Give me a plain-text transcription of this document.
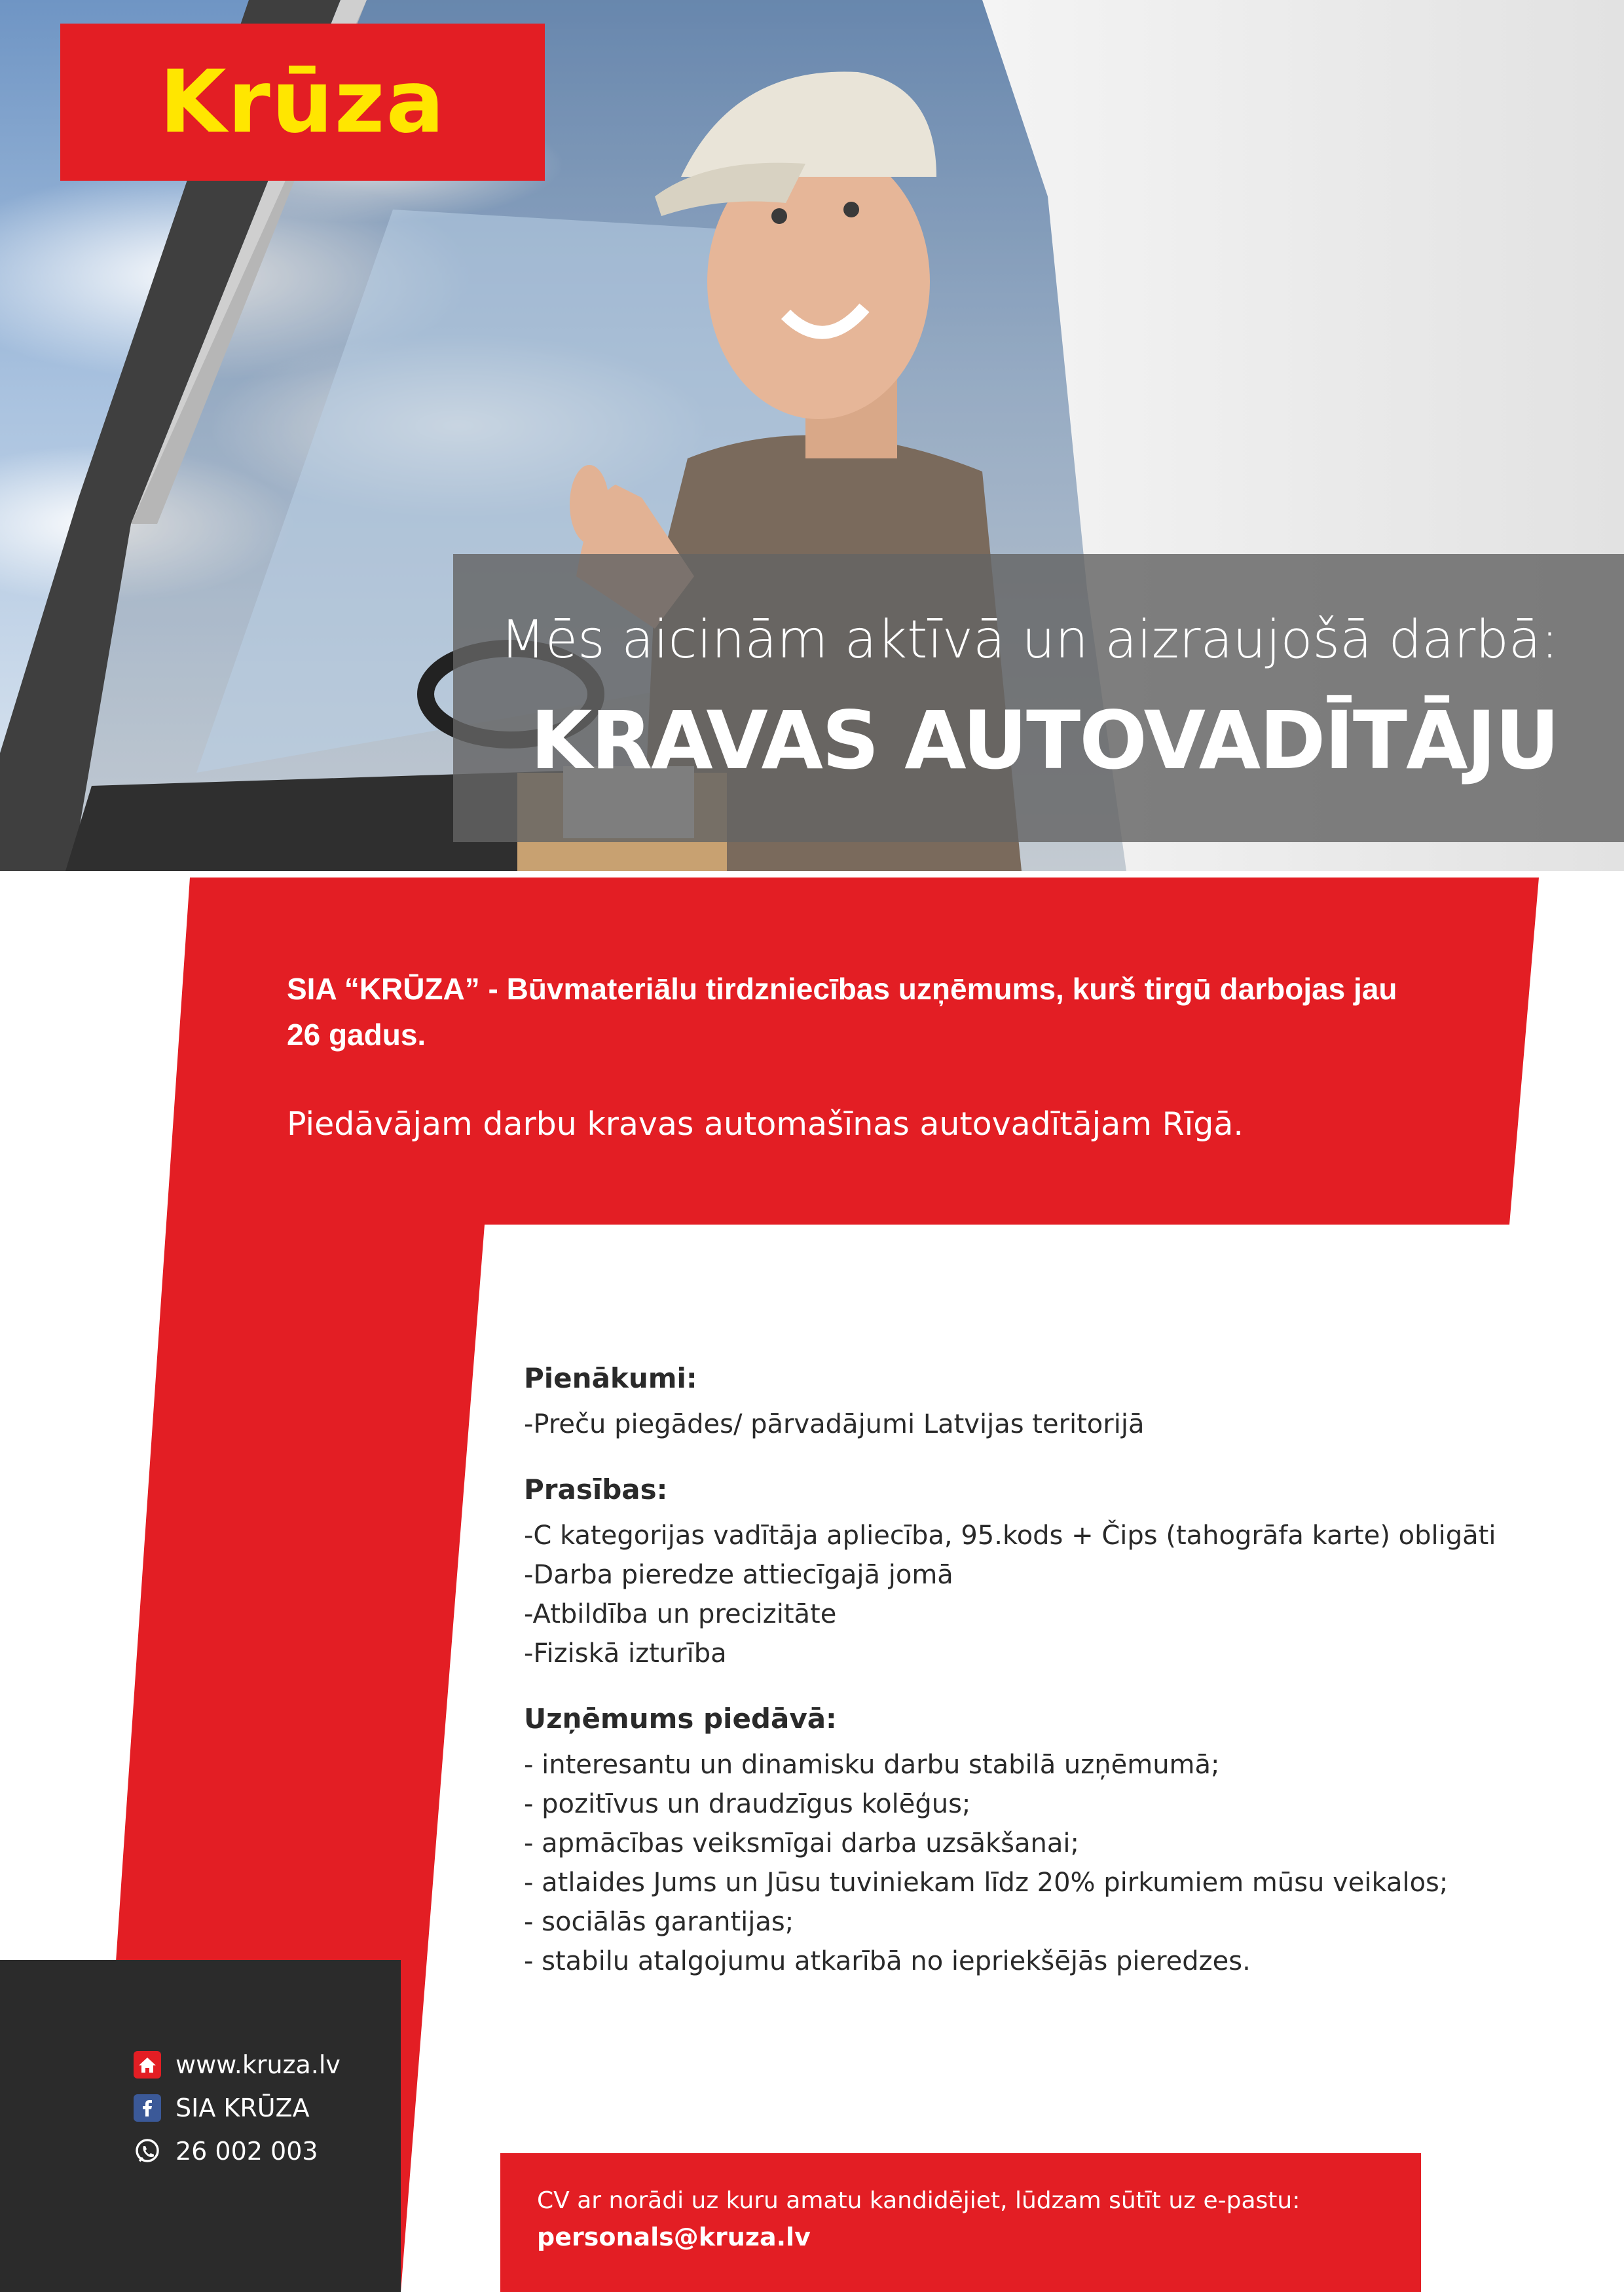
Krūza
Mēs aicinām aktīvā un aizraujošā darbā:
KRAVAS AUTOVADĪTĀJU
SIA “KRŪZA” - Būvmateriālu tirdzniecības uzņēmums, kurš tirgū darbojas jau 26 gadus.
Piedāvājam darbu kravas automašīnas autovadītājam Rīgā.

Pienākumi:

-Preču piegādes/ pārvadājumi Latvijas teritorijā

Prasības:

-C kategorijas vadītāja apliecība, 95.kods + Čips (tahogrāfa karte) obligāti
-Darba pieredze attiecīgajā jomā
-Atbildība un precizitāte
-Fiziskā izturība

Uzņēmums piedāvā:

- interesantu un dinamisku darbu stabilā uzņēmumā;
- pozitīvus un draudzīgus kolēģus;
- apmācības veiksmīgai darba uzsākšanai;
- atlaides Jums un Jūsu tuviniekam līdz 20% pirkumiem mūsu veikalos;
- sociālās garantijas;
- stabilu atalgojumu atkarībā no iepriekšējās pieredzes.
www.kruza.lv
SIA KRŪZA
26 002 003
CV ar norādi uz kuru amatu kandidējiet, lūdzam sūtīt uz e-pastu:
personals@kruza.lv
